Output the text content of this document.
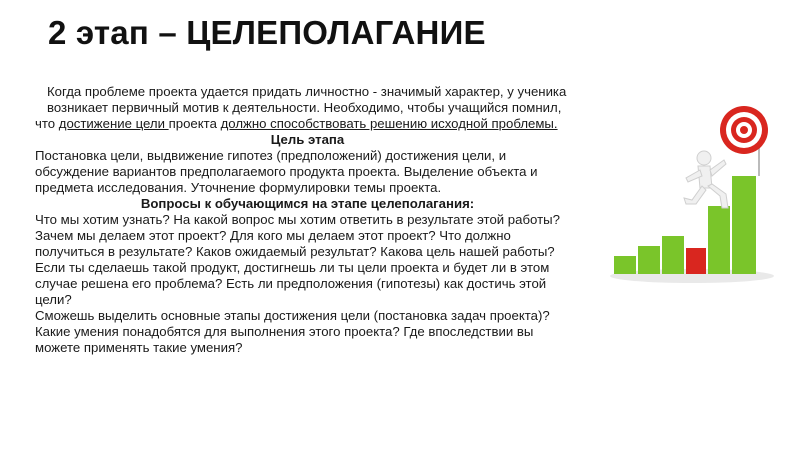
2 этап – ЦЕЛЕПОЛАГАНИЕ

Когда проблеме проекта удается придать личностно - значимый характер, у ученика возникает первичный мотив к деятельности. Необходимо, чтобы учащийся помнил,

что достижение цели проекта должно способствовать решению исходной проблемы.

Цель этапа

Постановка цели, выдвижение гипотез (предположений) достижения цели, и обсуждение вариантов предполагаемого продукта проекта. Выделение объекта и предмета исследования. Уточнение формулировки темы проекта.

Вопросы к обучающимся на этапе целеполагания:

Что мы хотим узнать? На какой вопрос мы хотим ответить в результате этой работы? Зачем мы делаем этот проект? Для кого мы делаем этот проект? Что должно получиться в результате? Каков ожидаемый результат? Какова цель нашей работы?

Если ты сделаешь такой продукт, достигнешь ли ты цели проекта и будет ли в этом случае решена его проблема? Есть ли предположения (гипотезы) как достичь этой цели?

Сможешь выделить основные этапы достижения цели (постановка задач проекта)? Какие умения понадобятся для выполнения этого проекта? Где впоследствии вы можете применять такие умения?
